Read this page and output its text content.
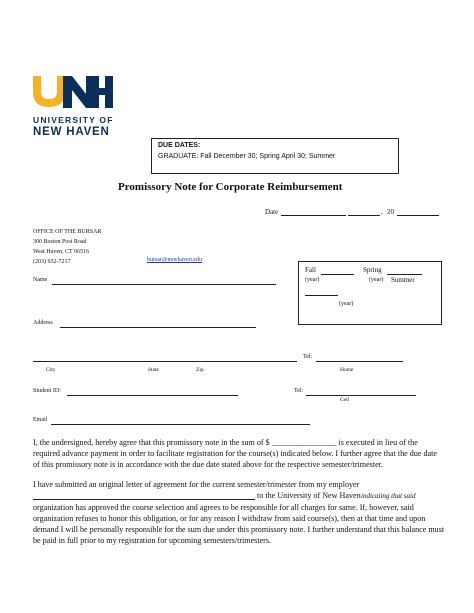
UNIVERSITY OF
NEW HAVEN
DUE DATES:
GRADUATE: Fall December 30; Spring April 30; Summer
Promissory Note for Corporate Reimbursement
Date	, 20
OFFICE OF THE BURSAR
300 Boston Post Road
West Haven, CT 06516
(203) 932-7217	bursar@newhaven.edu
Fall	Spring
(year)	(year) Summer
(year)
Name
Address
Tel:
City	State	Zip	Home
Student ID:	Tel:
Cell
Email
I, the undersigned, hereby agree that this promissory note in the sum of $ ________________ is executed in lieu of the required advance payment in order to facilitate registration for the course(s) indicated below. I further agree that the due date of this promissory note is in accordance with the due date stated above for the respective semester/trimester.
I have submitted an original letter of agreement for the current semester/trimester from my employer
to the University of New Haven indicating that said
organization has approved the course selection and agrees to be responsible for all charges for same. If, however, said organization refuses to honor this obligation, or for any reason I withdraw from said course(s), then at that time and upon demand I will be personally responsible for the sum due under this promissory note. I further understand that this balance must be paid in full prior to my registration for upcoming semesters/trimesters.
